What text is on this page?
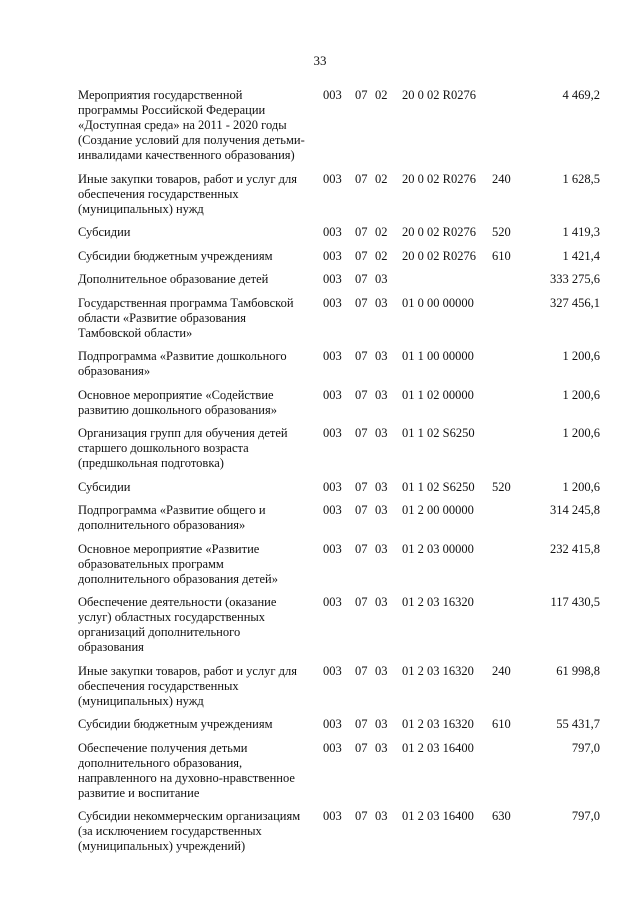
33
Мероприятия государственной
программы Российской Федерации
«Доступная среда» на 2011 - 2020 годы
(Создание условий для получения детьми-
инвалидами качественного образования)
003 07 02 20 0 02 R0276	4 469,2
Иные закупки товаров, работ и услуг для
обеспечения государственных
(муниципальных) нужд
003 07 02 20 0 02 R0276 240	1 628,5
Субсидии	003 07 02 20 0 02 R0276 520	1 419,3
Субсидии бюджетным учреждениям	003 07 02 20 0 02 R0276 610	1 421,4
Дополнительное образование детей	003 07 03	333 275,6
Государственная программа Тамбовской
области «Развитие образования
Тамбовской области»
003 07 03 01 0 00 00000	327 456,1
Подпрограмма «Развитие дошкольного
образования»
003 07 03 01 1 00 00000	1 200,6
Основное мероприятие «Содействие
развитию дошкольного образования»
003 07 03 01 1 02 00000	1 200,6
Организация групп для обучения детей
старшего дошкольного возраста
(предшкольная подготовка)
003 07 03 01 1 02 S6250	1 200,6
Субсидии	003 07 03 01 1 02 S6250 520	1 200,6
Подпрограмма «Развитие общего и
дополнительного образования»
003 07 03 01 2 00 00000	314 245,8
Основное мероприятие «Развитие
образовательных программ
дополнительного образования детей»
003 07 03 01 2 03 00000	232 415,8
Обеспечение деятельности (оказание
услуг) областных государственных
организаций дополнительного
образования
003 07 03 01 2 03 16320	117 430,5
Иные закупки товаров, работ и услуг для
обеспечения государственных
(муниципальных) нужд
003 07 03 01 2 03 16320 240	61 998,8
Субсидии бюджетным учреждениям	003 07 03 01 2 03 16320 610	55 431,7
Обеспечение получения детьми
дополнительного образования,
направленного на духовно-нравственное
развитие и воспитание
003 07 03 01 2 03 16400	797,0
Субсидии некоммерческим организациям
(за исключением государственных
(муниципальных) учреждений)
003 07 03 01 2 03 16400 630	797,0
